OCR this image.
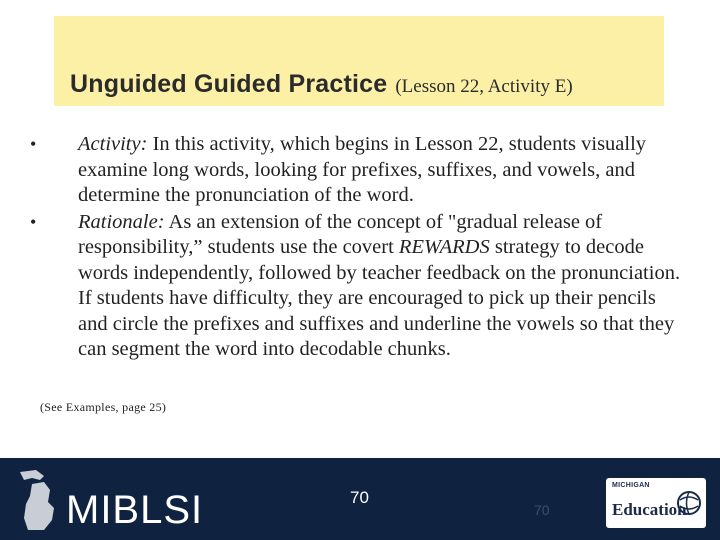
Unguided Guided Practice (Lesson 22, Activity E)
•	Activity: In this activity, which begins in Lesson 22, students visually examine long words, looking for prefixes, suffixes, and vowels, and determine the pronunciation of the word.
•	Rationale: As an extension of the concept of "gradual release of responsibility,” students use the covert REWARDS strategy to decode words independently, followed by teacher feedback on the pronunciation. If students have difficulty, they are encouraged to pick up their pencils and circle the prefixes and suffixes and underline the vowels so that they can segment the word into decodable chunks.
(See Examples, page 25)
MIBLSI	70
70
MICHIGAN
Education
